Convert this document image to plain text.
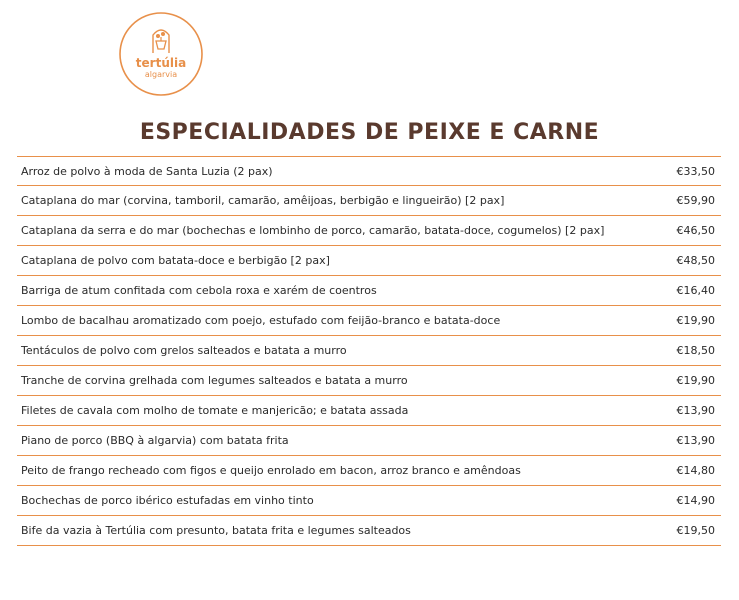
tertúlia
algarvia
ESPECIALIDADES DE PEIXE E CARNE
Arroz de polvo à moda de Santa Luzia (2 pax)	€33,50
Cataplana do mar (corvina, tamboril, camarão, amêijoas, berbigão e lingueirão) [2 pax]	€59,90
Cataplana da serra e do mar (bochechas e lombinho de porco, camarão, batata-doce, cogumelos) [2 pax]	€46,50
Cataplana de polvo com batata-doce e berbigão [2 pax]	€48,50
Barriga de atum confitada com cebola roxa e xarém de coentros	€16,40
Lombo de bacalhau aromatizado com poejo, estufado com feijão-branco e batata-doce	€19,90
Tentáculos de polvo com grelos salteados e batata a murro	€18,50
Tranche de corvina grelhada com legumes salteados e batata a murro	€19,90
Filetes de cavala com molho de tomate e manjericão; e batata assada	€13,90
Piano de porco (BBQ à algarvia) com batata frita	€13,90
Peito de frango recheado com figos e queijo enrolado em bacon, arroz branco e amêndoas	€14,80
Bochechas de porco ibérico estufadas em vinho tinto	€14,90
Bife da vazia à Tertúlia com presunto, batata frita e legumes salteados	€19,50
